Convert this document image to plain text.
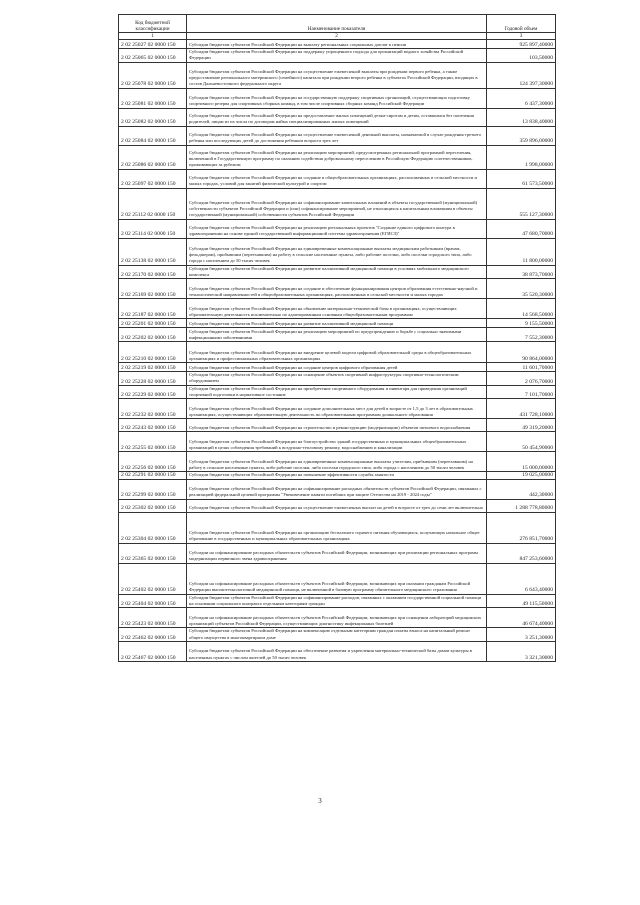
Код бюджетной классификации	Наименование показателя	Годовой объем
1	2	3
2 02 25027 02 0000 150	Субсидии бюджетам субъектов Российской Федерации на выплату региональных социальных доплат к пенсии	925 897,40000
2 02 25065 02 0000 150	Субсидии бюджетам субъектов Российской Федерации на поддержку упрощенного подхода для организаций водного хозяйства Российской Федерации	103,50000
2 02 25078 02 0000 150	Субсидии бюджетам субъектов Российской Федерации на осуществление ежемесячной выплаты при рождении первого ребенка, а также предоставление регионального материнского (семейного) капитала при рождении второго ребенка в субъектах Российской Федерации, входящих в состав Дальневосточного федерального округа	124 397,30000
2 02 25081 02 0000 150	Субсидии бюджетам субъектов Российской Федерации на государственную поддержку спортивных организаций, осуществляющих подготовку спортивного резерва для спортивных сборных команд, в том числе спортивных сборных команд Российской Федерации	6 437,30000
2 02 25082 02 0000 150	Субсидии бюджетам субъектов Российской Федерации на предоставление жилых помещений детям-сиротам и детям, оставшимся без попечения родителей, лицам из их числа по договорам найма специализированных жилых помещений	13 838,40000
2 02 25084 02 0000 150	Субсидии бюджетам субъектов Российской Федерации на осуществление ежемесячной денежной выплаты, назначаемой в случае рождения третьего ребенка или последующих детей до достижения ребенком возраста трех лет	359 896,00000
2 02 25086 02 0000 150	Субсидии бюджетам субъектов Российской Федерации на реализацию мероприятий, предусмотренных региональной программой переселения, включенной в Государственную программу по оказанию содействия добровольному переселению в Российскую Федерацию соотечественников, проживающих за рубежом	1 998,00000
2 02 25097 02 0000 150	Субсидии бюджетам субъектов Российской Федерации на создание в общеобразовательных организациях, расположенных в сельской местности и малых городах, условий для занятий физической культурой и спортом	61 573,50000
2 02 25112 02 0000 150	Субсидии бюджетам субъектов Российской Федерации на софинансирование капитальных вложений в объекты государственной (муниципальной) собственности субъектов Российской Федерации и (или) софинансирование мероприятий, не относящихся к капитальным вложениям в объекты государственной (муниципальной) собственности субъектов Российской Федерации	555 127,30000
2 02 25114 02 0000 150	Субсидии бюджетам субъектов Российской Федерации на реализацию региональных проектов "Создание единого цифрового контура в здравоохранении на основе единой государственной информационной системы здравоохранения (ЕГИСЗ)"	47 680,70000
2 02 25138 02 0000 150	Субсидии бюджетам субъектов Российской Федерации на единовременные компенсационные выплаты медицинским работникам (врачам, фельдшерам), прибывшим (переехавшим) на работу в сельские населенные пункты, либо рабочие поселки, либо поселки городского типа, либо города с населением до 50 тысяч человек	11 800,00000
2 02 25170 02 0000 150	Субсидии бюджетам субъектов Российской Федерации на развитие паллиативной медицинской помощи в условиях мобильного медицинского комплекса	38 873,70000
2 02 25169 02 0000 150	Субсидии бюджетам субъектов Российской Федерации на создание и обеспечение функционирования центров образования естественно-научной и технологической направленностей в общеобразовательных организациях, расположенных в сельской местности и малых городах	35 520,30000
2 02 25187 02 0000 150	Субсидии бюджетам субъектов Российской Федерации на обновление материально-технической базы в организациях, осуществляющих образовательную деятельность исключительно по адаптированным основным общеобразовательным программам	14 568,50000
2 02 25201 02 0000 150	Субсидии бюджетам субъектов Российской Федерации на развитие паллиативной медицинской помощи	9 155,50000
2 02 25202 02 0000 150	Субсидии бюджетам субъектов Российской Федерации на реализацию мероприятий по предупреждению и борьбе с социально значимыми инфекционными заболеваниями	7 552,30000
2 02 25210 02 0000 150	Субсидии бюджетам субъектов Российской Федерации на внедрение целевой модели цифровой образовательной среды в общеобразовательных организациях и профессиональных образовательных организациях	90 864,00000
2 02 25219 02 0000 150	Субсидии бюджетам субъектов Российской Федерации на создание центров цифрового образования детей	11 601,70000
2 02 25228 02 0000 150	Субсидии бюджетам субъектов Российской Федерации на оснащение объектов спортивной инфраструктуры спортивно-технологическим оборудованием	2 076,70000
2 02 25229 02 0000 150	Субсидии бюджетам субъектов Российской Федерации на приобретение спортивного оборудования и инвентаря для приведения организаций спортивной подготовки в нормативное состояние	7 101,70000
2 02 25232 02 0000 150	Субсидии бюджетам субъектов Российской Федерации на создание дополнительных мест для детей в возрасте от 1,5 до 3 лет в образовательных организациях, осуществляющих образовательную деятельность по образовательным программам дошкольного образования	431 728,10000
2 02 25243 02 0000 150	Субсидии бюджетам субъектов Российской Федерации на строительство и реконструкцию (модернизацию) объектов питьевого водоснабжения	49 319,20000
2 02 25255 02 0000 150	Субсидии бюджетам субъектов Российской Федерации на благоустройство зданий государственных и муниципальных общеобразовательных организаций в целях соблюдения требований к воздушно-тепловому режиму, водоснабжению и канализации	50 454,90000
2 02 25256 02 0000 150	Субсидии бюджетам субъектов Российской Федерации на единовременные компенсационные выплаты учителям, прибывшим (переехавшим) на работу в сельские населенные пункты, либо рабочие поселки, либо поселки городского типа, либо города с населением до 50 тысяч человек	15 000,00000
2 02 25291 02 0000 150	Субсидии бюджетам субъектов Российской Федерации на повышение эффективности службы занятости	19 025,00000
2 02 25299 02 0000 150	Субсидии бюджетам субъектов Российской Федерации на софинансирование расходных обязательств субъектов Российской Федерации, связанных с реализацией федеральной целевой программы "Увековечение памяти погибших при защите Отечества на 2019 - 2024 годы"	442,30000
2 02 25302 02 0000 150	Субсидии бюджетам субъектов Российской Федерации на осуществление ежемесячных выплат на детей в возрасте от трех до семи лет включительно	1 288 778,80000
2 02 25304 02 0000 150	Субсидии бюджетам субъектов Российской Федерации на организацию бесплатного горячего питания обучающихся, получающих начальное общее образование в государственных и муниципальных образовательных организациях	276 851,70000
2 02 25365 02 0000 150	Субсидии на софинансирование расходных обязательств субъектов Российской Федерации, возникающих при реализации региональных программ модернизации первичного звена здравоохранения	847 253,60000
2 02 25402 02 0000 150	Субсидии на софинансирование расходных обязательств субъектов Российской Федерации, возникающих при оказании гражданам Российской Федерации высокотехнологичной медицинской помощи, не включенной в базовую программу обязательного медицинского страхования	6 643,40000
2 02 25404 02 0000 150	Субсидии бюджетам субъектов Российской Федерации на софинансирование расходов, связанных с оказанием государственной социальной помощи на основании социального контракта отдельным категориям граждан	49 115,50000
2 02 25423 02 0000 150	Субсидии на софинансирование расходных обязательств субъектов Российской Федерации, возникающих при оснащении лабораторий медицинских организаций субъектов Российской Федерации, осуществляющих диагностику инфекционных болезней	46 674,40000
2 02 25462 02 0000 150	Субсидии бюджетам субъектов Российской Федерации на компенсацию отдельным категориям граждан оплаты взноса на капитальный ремонт общего имущества в многоквартирном доме	3 251,30000
2 02 25467 02 0000 150	Субсидии бюджетам субъектов Российской Федерации на обеспечение развития и укрепления материально-технической базы домов культуры в населенных пунктах с числом жителей до 50 тысяч человек	3 321,30000
3
